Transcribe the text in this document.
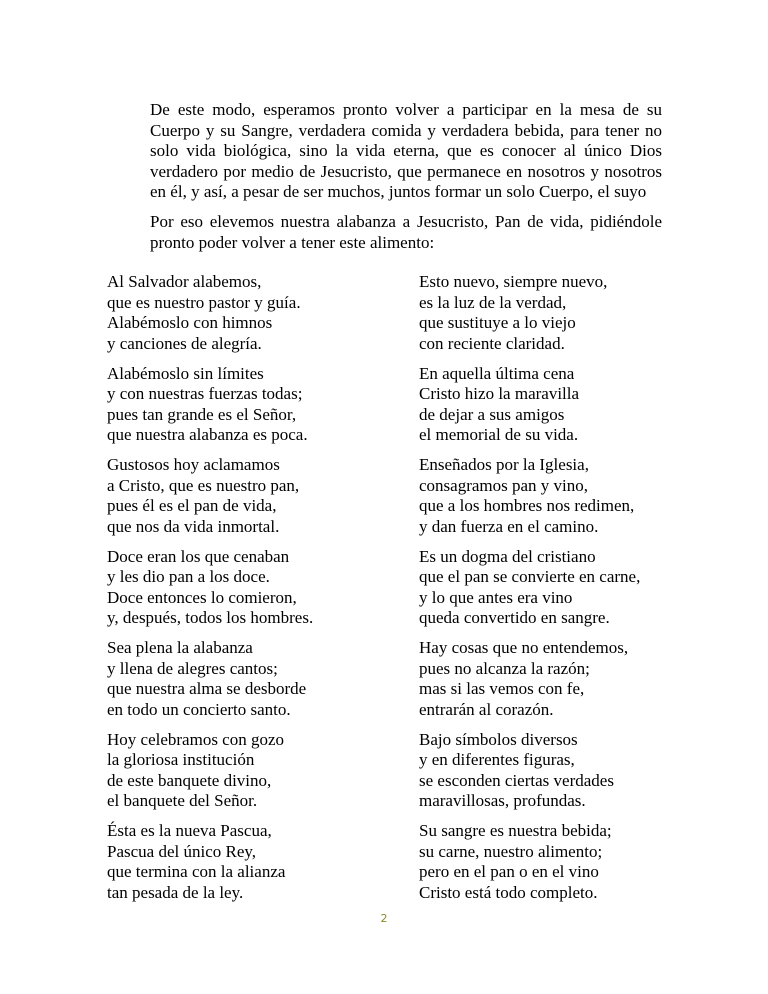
De este modo, esperamos pronto volver a participar en la mesa de su Cuerpo y su Sangre, verdadera comida y verdadera bebida, para tener no solo vida biológica, sino la vida eterna, que es conocer al único Dios verdadero por medio de Jesucristo, que permanece en nosotros y nosotros en él, y así, a pesar de ser muchos, juntos formar un solo Cuerpo, el suyo

Por eso elevemos nuestra alabanza a Jesucristo, Pan de vida, pidiéndole pronto poder volver a tener este alimento:

Al Salvador alabemos,
que es nuestro pastor y guía.
Alabémoslo con himnos
y canciones de alegría.
Alabémoslo sin límites
y con nuestras fuerzas todas;
pues tan grande es el Señor,
que nuestra alabanza es poca.
Gustosos hoy aclamamos
a Cristo, que es nuestro pan,
pues él es el pan de vida,
que nos da vida inmortal.
Doce eran los que cenaban
y les dio pan a los doce.
Doce entonces lo comieron,
y, después, todos los hombres.
Sea plena la alabanza
y llena de alegres cantos;
que nuestra alma se desborde
en todo un concierto santo.
Hoy celebramos con gozo
la gloriosa institución
de este banquete divino,
el banquete del Señor.
Ésta es la nueva Pascua,
Pascua del único Rey,
que termina con la alianza
tan pesada de la ley.
Esto nuevo, siempre nuevo,
es la luz de la verdad,
que sustituye a lo viejo
con reciente claridad.
En aquella última cena
Cristo hizo la maravilla
de dejar a sus amigos
el memorial de su vida.
Enseñados por la Iglesia,
consagramos pan y vino,
que a los hombres nos redimen,
y dan fuerza en el camino.
Es un dogma del cristiano
que el pan se convierte en carne,
y lo que antes era vino
queda convertido en sangre.
Hay cosas que no entendemos,
pues no alcanza la razón;
mas si las vemos con fe,
entrarán al corazón.
Bajo símbolos diversos
y en diferentes figuras,
se esconden ciertas verdades
maravillosas, profundas.
Su sangre es nuestra bebida;
su carne, nuestro alimento;
pero en el pan o en el vino
Cristo está todo completo.
2
